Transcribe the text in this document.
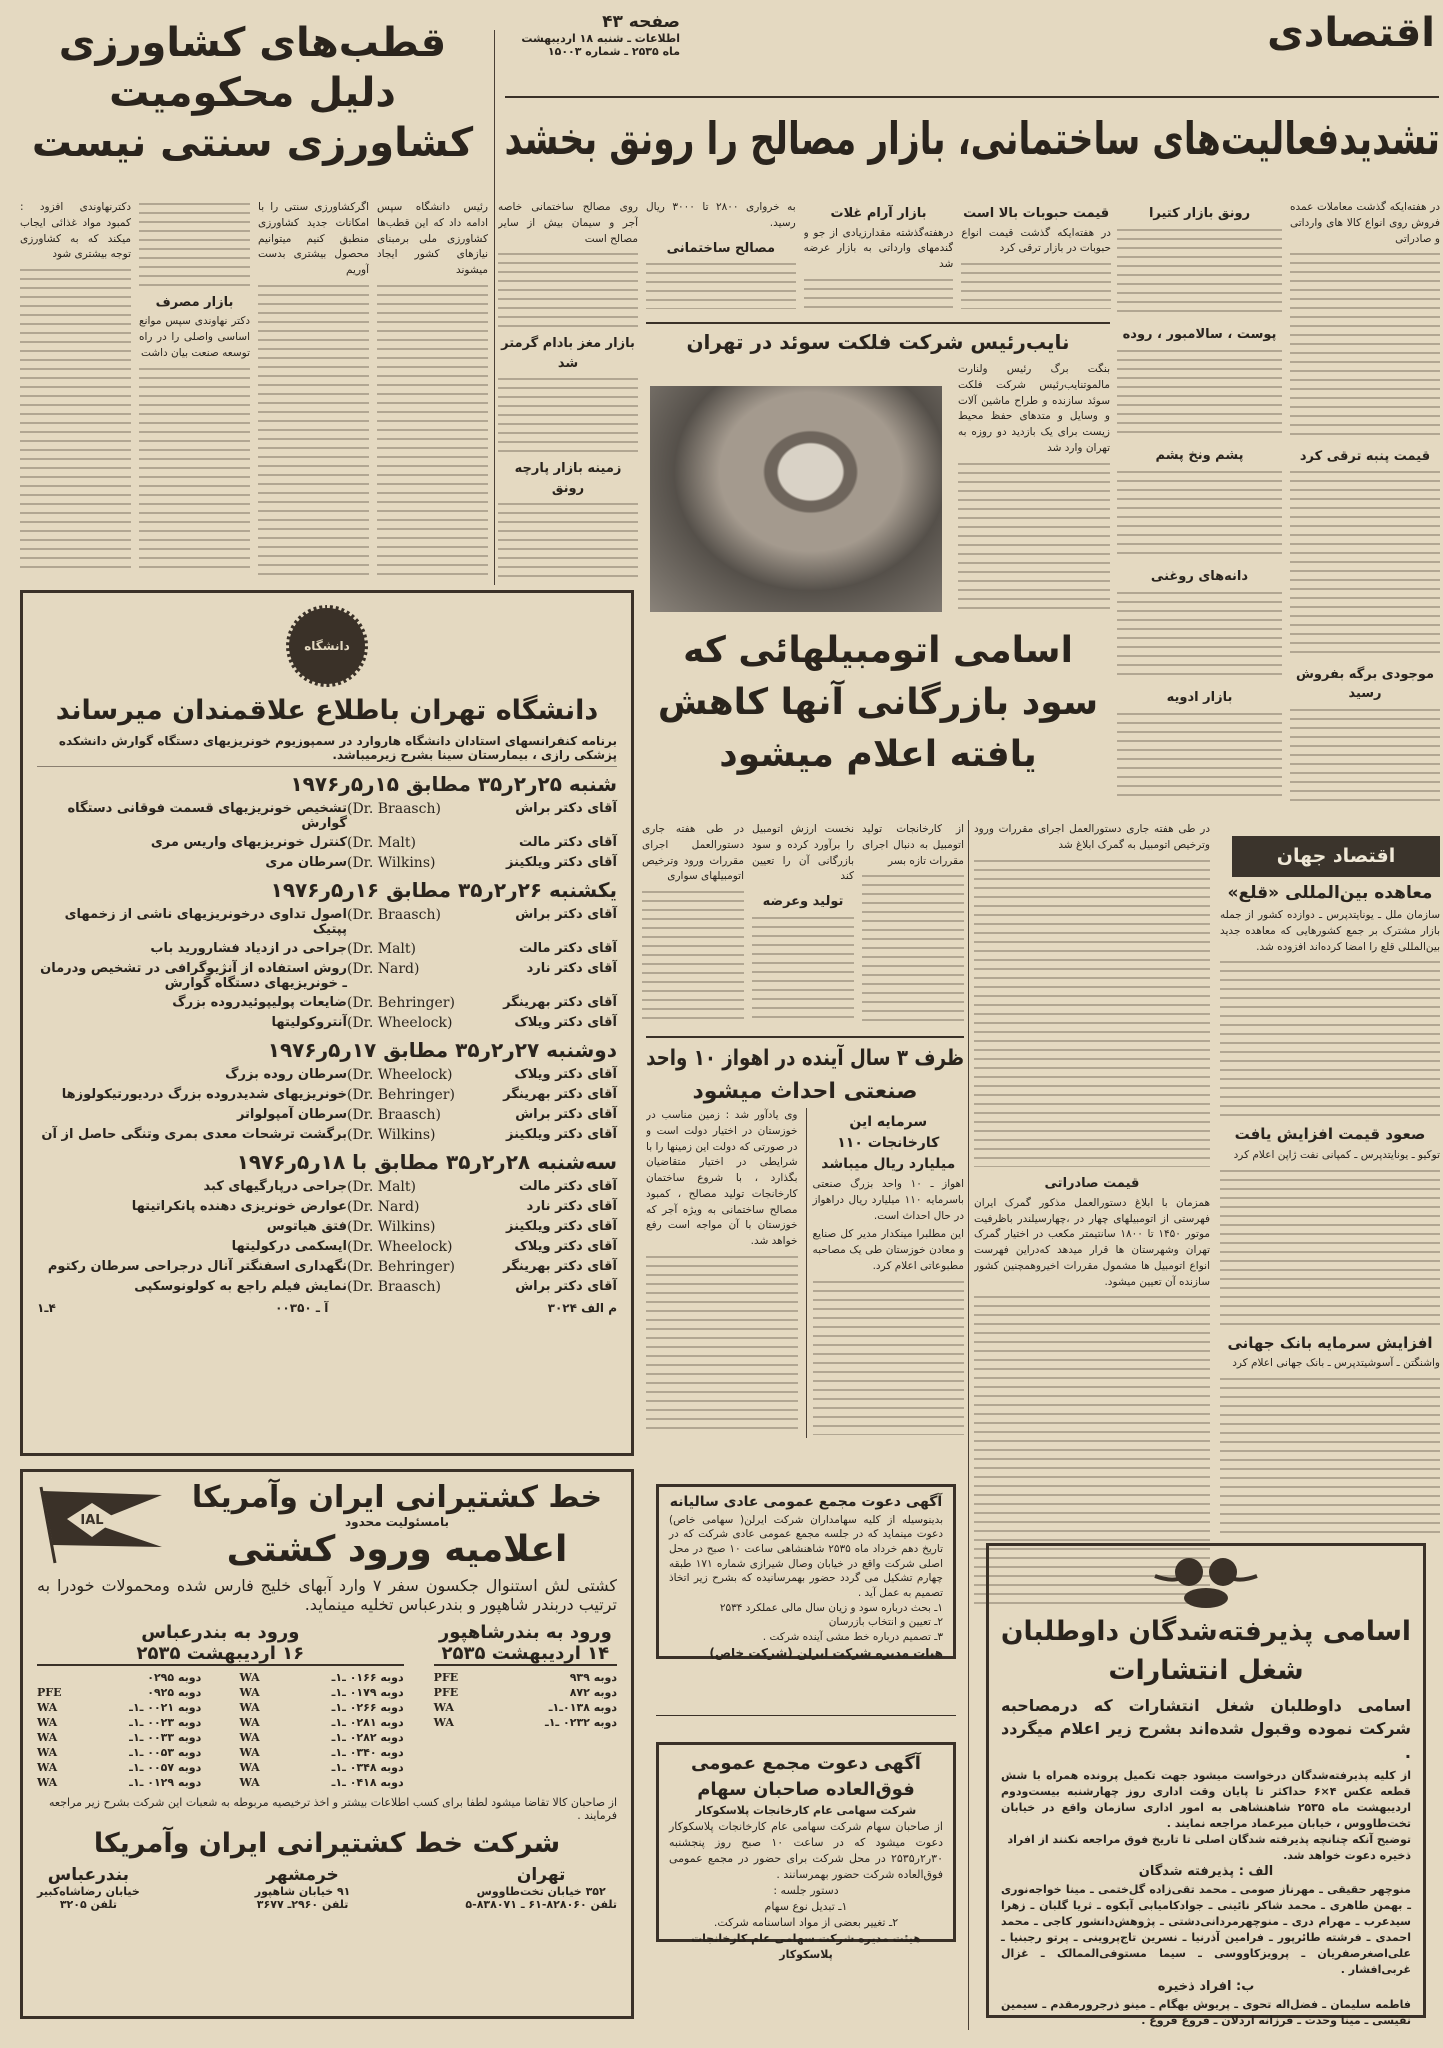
اقتصادی
صفحه ۴۳
اطلاعات ـ شنبه ۱۸ اردیبهشت
ماه ۲۵۳۵ ـ شماره ۱۵۰۰۳
قطب‌های کشاورزی
دلیل محکومیت
کشاورزی سنتی نیست

رئیس دانشگاه سپس ادامه داد که این قطب‌ها کشاورزی ملی برمبنای نیازهای کشور ایجاد میشوند

اگرکشاورزی سنتی را با امکانات جدید کشاورزی منطبق کنیم میتوانیم محصول بیشتری بدست آوریم

بازار مصرف

دکتر نهاوندی سپس موانع اساسی واصلی را در راه توسعه صنعت بیان داشت

دکترنهاوندی افزود : کمبود مواد غذائی ایجاب میکند که به کشاورزی توجه بیشتری شود

تشدیدفعالیت‌های ساختمانی، بازار مصالح را رونق بخشد

در هفته‌ایکه گذشت معاملات عمده فروش روی انواع کالا های وارداتی و صادراتی

قیمت پنبه ترقی کرد
موجودی برگه بفروش رسید
رونق بازار کتیرا
پوست ، سالامبور ، روده
پشم ونخ پشم
دانه‌های روغنی
بازار ادویه
قیمت حبوبات بالا است

در هفته‌ایکه گذشت قیمت انواع حبوبات در بازار ترقی کرد

بازار آرام غلات

درهفته‌گذشته مقدارزیادی از جو و گندمهای وارداتی به بازار عرضه شد

به خرواری ۲۸۰۰ تا ۳۰۰۰ ریال رسید.

مصالح ساختمانی

روی مصالح ساختمانی خاصه آجر و سیمان بیش از سایر مصالح است

بازار مغز بادام گرمتر شد
زمینه بازار پارچه رونق
نایب‌رئیس شرکت فلکت سوئد در تهران

بنگت برگ رئیس ولنارت مالموتنایب‌رئیس شرکت فلکت سوئد سازنده و طراح ماشین آلات و وسایل و متدهای حفظ محیط زیست برای یک بازدید دو روزه به تهران وارد شد

اسامی اتومبیلهائی که
سود بازرگانی آنها کاهش
یافته اعلام میشود

از کارخانجات تولید اتومبیل به دنبال اجرای مقررات تازه بسر

نخست ارزش اتومبیل را برآورد کرده و سود بازرگانی آن را تعیین کند

تولید وعرضه

در طی هفته جاری دستورالعمل اجرای مقررات ورود وترخیص اتومبیلهای سواری

در طی هفته جاری دستورالعمل اجرای مقررات ورود وترخیص اتومبیل به گمرک ابلاغ شد

قیمت صادراتی

همزمان با ابلاغ دستورالعمل مذکور گمرک ایران فهرستی از اتومبیلهای چهار در ،چهارسیلندر باظرفیت موتور ۱۴۵۰ تا ۱۸۰۰ سانتیمتر مکعب در اختیار گمرک تهران وشهرستان ها قرار میدهد کەدراین فهرست انواع اتومبیل ها مشمول مقررات اخیروهمچنین کشور سازنده آن تعیین میشود.

اقتصاد جهان
معاهده بین‌المللی «قلع»

سازمان ملل ـ یونایتدپرس ـ دوازده کشور از جمله بازار مشترک بر جمع کشورهایی که معاهده جدید بین‌المللی قلع را امضا کرده‌اند افزوده شد.

صعود قیمت افزایش یافت

توکیو ـ یونایتدپرس ـ کمپانی نفت ژاپن اعلام کرد

افزایش سرمایه بانک جهانی

واشنگتن ـ آسوشیتدپرس ـ بانک جهانی اعلام کرد

ظرف ۳ سال آینده در اهواز ۱۰ واحد
صنعتی احداث میشود
سرمایه این کارخانجات ۱۱۰ میلیارد ریال میباشد

اهواز ـ ۱۰ واحد بزرگ صنعتی باسرمایه ۱۱۰ میلیارد ریال دراهواز در حال احداث است.

این مطلبرا مینکدار مدیر کل صنایع و معادن خوزستان طی یک مصاحبه مطبوعاتی اعلام کرد.

وی یادآور شد : زمین مناسب در خوزستان در اختیار دولت است و در صورتی که دولت این زمینها را با شرایطی در اختیار متقاضیان بگذارد ، با شروع ساختمان کارخانجات تولید مصالح ، کمبود مصالح ساختمانی به ویژه آجر که خوزستان با آن مواجه است رفع خواهد شد.

دانشگاه
دانشگاه تهران باطلاع علاقمندان میرساند
برنامه کنفرانسهای استادان دانشگاه هاروارد در سمپوزیوم خونریزیهای دستگاه گوارش دانشکده پزشکی رازی ، بیمارستان سینا بشرح زیرمیباشد.
شنبه ۲۵ر۲ر۳۵ مطابق ۱۵ر۵ر۱۹۷۶
آقای دکتر براش
(Dr. Braasch)
تشخیص خونریزیهای قسمت فوقانی دستگاه گوارش
آقای دکتر مالت
(Dr. Malt)
کنترل خونریزیهای واریس مری
آقای دکتر ویلکینز
(Dr. Wilkins)
سرطان مری
یکشنبه ۲۶ر۲ر۳۵ مطابق ۱۶ر۵ر۱۹۷۶
آقای دکتر براش
(Dr. Braasch)
اصول تداوی درخونریزیهای ناشی از زخمهای پپتیک
آقای دکتر مالت
(Dr. Malt)
جراحی در ازدیاد فشارورید باب
آقای دکتر نارد
(Dr. Nard)
روش استفاده از آنژیوگرافی در تشخیص ودرمان ـ خونریزیهای دستگاه گوارش
آقای دکتر بهرینگر
(Dr. Behringer)
ضایعات پولیپوئیدروده بزرگ
آقای دکتر ویلاک
(Dr. Wheelock)
آنتروکولیتها
دوشنبه ۲۷ر۲ر۳۵ مطابق ۱۷ر۵ر۱۹۷۶
آقای دکتر ویلاک
(Dr. Wheelock)
سرطان روده بزرگ
آقای دکتر بهرینگر
(Dr. Behringer)
خونریزیهای شدیدروده بزرگ دردیورتیکولوزها
آقای دکتر براش
(Dr. Braasch)
سرطان آمپولواتر
آقای دکتر ویلکینز
(Dr. Wilkins)
برگشت ترشحات معدی بمری وتنگی حاصل از آن
سه‌شنبه ۲۸ر۲ر۳۵ مطابق با ۱۸ر۵ر۱۹۷۶
آقای دکتر مالت
(Dr. Malt)
جراحی درپارگیهای کبد
آقای دکتر نارد
(Dr. Nard)
عوارض خونریزی دهنده پانکراتیتها
آقای دکتر ویلکینز
(Dr. Wilkins)
فتق هیاتوس
آقای دکتر ویلاک
(Dr. Wheelock)
ایسکمی درکولیتها
آقای دکتر بهرینگر
(Dr. Behringer)
نگهداری اسفنگتر آنال درجراحی سرطان رکتوم
آقای دکتر براش
(Dr. Braasch)
نمایش فیلم راجع به کولونوسکپی
م الف ۳۰۲۴
آ ـ ۰۰۳۵۰
۴ـ۱
خط کشتیرانی ایران وآمریکا
بامسئولیت محدود
اعلامیه ورود کشتی
IAL
کشتی لش استنوال جکسون سفر ۷ وارد آبهای خلیج فارس شده ومحمولات خودرا به ترتیب دربندر شاهپور و بندرعباس تخلیه مینماید.
ورود به بندرشاهپور
۱۴ اردیبهشت ۲۵۳۵
دوبه ۹۳۹
PFE
دوبه ۸۷۲
PFE
دوبه ۰۱۳۸ـ۱ـ
WA
دوبه ۰۲۳۲ ـ۱ـ
WA
ورود به بندرعباس
۱۶ اردیبهشت ۲۵۳۵
دوبه ۰۱۶۶ ـ۱ـ
WA
دوبه ۰۲۹۵
دوبه ۰۱۷۹ ـ۱ـ
WA
دوبه ۰۹۲۵
PFE
دوبه ۰۲۶۶ ـ۱ـ
WA
دوبه ۰۰۲۱ ـ۱ـ
WA
دوبه ۰۲۸۱ ـ۱ـ
WA
دوبه ۰۰۲۳ ـ۱ـ
WA
دوبه ۰۲۸۲ ـ۱ـ
WA
دوبه ۰۰۳۳ ـ۱ـ
WA
دوبه ۰۳۴۰ ـ۱ـ
WA
دوبه ۰۰۵۳ ـ۱ـ
WA
دوبه ۰۳۴۸ ـ۱ـ
WA
دوبه ۰۰۵۷ ـ۱ـ
WA
دوبه ۰۴۱۸ ـ۱ـ
WA
دوبه ۰۱۲۹ ـ۱ـ
WA
از صاحبان کالا تقاضا میشود لطفا برای کسب اطلاعات بیشتر و اخذ ترخیصیه مربوطه به شعبات این شرکت بشرح زیر مراجعه فرمایند .
شرکت خط کشتیرانی ایران وآمریکا
تهران
۳۵۲ خیابان تخت‌طاووس
تلفن ۸۲۸۰۶۰-۶۱ ـ ۸۳۸۰۷۱-۵
خرمشهر
۹۱ خیابان شاهپور
تلفن ۲۹۶۰ـ ۳۶۷۷
بندرعباس
خیابان رضاشاه‌کبیر
تلفن ۳۲۰۵
آگهی دعوت مجمع عمومی عادی سالیانه
بدینوسیله از کلیه سهامداران شرکت ایرلن( سهامی خاص) دعوت مینماید که در جلسه مجمع عمومی عادی شرکت که در تاریخ دهم خرداد ماه ۲۵۳۵ شاهنشاهی ساعت ۱۰ صبح در محل اصلی شرکت واقع در خیابان وصال شیرازی شماره ۱۷۱ طبقه چهارم تشکیل می گردد حضور بهمرسانیده که بشرح زیر اتخاذ تصمیم به عمل آید .
۱ـ بحث درباره سود و زیان سال مالی عملکرد ۲۵۳۴
۲ـ تعیین و انتخاب بازرسان
۳ـ تصمیم درباره خط مشی آینده شرکت .
هیات مدیره شرکت ایرلن (شرکت خاص)
آگهی دعوت مجمع عمومی
فوق‌العاده صاحبان سهام
شرکت سهامی عام کارخانجات پلاسکوکار
از صاحبان سهام شرکت سهامی عام کارخانجات پلاسکوکار دعوت میشود که در ساعت ۱۰ صبح روز پنجشنبه ۳۰ر۲ر۲۵۳۵ در محل شرکت برای حضور در مجمع عمومی فوق‌العاده شرکت حضور بهمرسانند .
دستور جلسه :
۱ـ تبدیل نوع سهام
۲ـ تغییر بعضی از مواد اساسنامه شرکت.
هیئت مدیره شرکت سهامی عام کارخانجات پلاسکوکار
اسامی پذیرفته‌شدگان داوطلبان
شغل انتشارات
اسامی داوطلبان شغل انتشارات که درمصاحبه شرکت نموده وقبول شده‌اند بشرح زیر اعلام میگردد .
از کلیه پذیرفته‌شدگان درخواست میشود جهت تکمیل پرونده همراه با شش قطعه عکس ۴×۶ حداکثر تا پایان وقت اداری روز چهارشنبه بیست‌ودوم اردیبهشت ماه ۲۵۳۵ شاهنشاهی به امور اداری سازمان واقع در خیابان تخت‌طاووس ، خیابان میرعماد مراجعه نمایند .
توضیح آنکه چنانچه پذیرفته شدگان اصلی تا تاریخ فوق مراجعه نکنند از افراد ذخیره دعوت خواهد شد.
الف : پذیرفته شدگان
منوچهر حقیقی ـ مهرناز صومی ـ محمد تقی‌زاده گل‌ختمی ـ مینا خواجه‌نوری ـ بهمن طاهری ـ محمد شاکر نائینی ـ جوادکامیابی آبکوه ـ ثریا گلبان ـ زهرا سیدعرب ـ مهرام دری ـ منوچهرمردانی‌دشتی ـ پژوهش‌دانشور کاجی ـ محمد احمدی ـ فرشته طائرپور ـ فرامین آذرنیا ـ نسرین تاج‌پروینی ـ پرتو رجبنیا ـ علی‌اصغرصفریان ـ پرویزکاووسی ـ سیما مستوفی‌الممالک ـ غزال غربی‌افشار .
ب: افراد ذخیره
فاطمه سلیمان ـ فضل‌اله تحوی ـ پریوش بهگام ـ مینو ذرجرورمقدم ـ سیمین نفیسی ـ مینا وحدت ـ فرزانه اردلان ـ فروغ فروغ .
